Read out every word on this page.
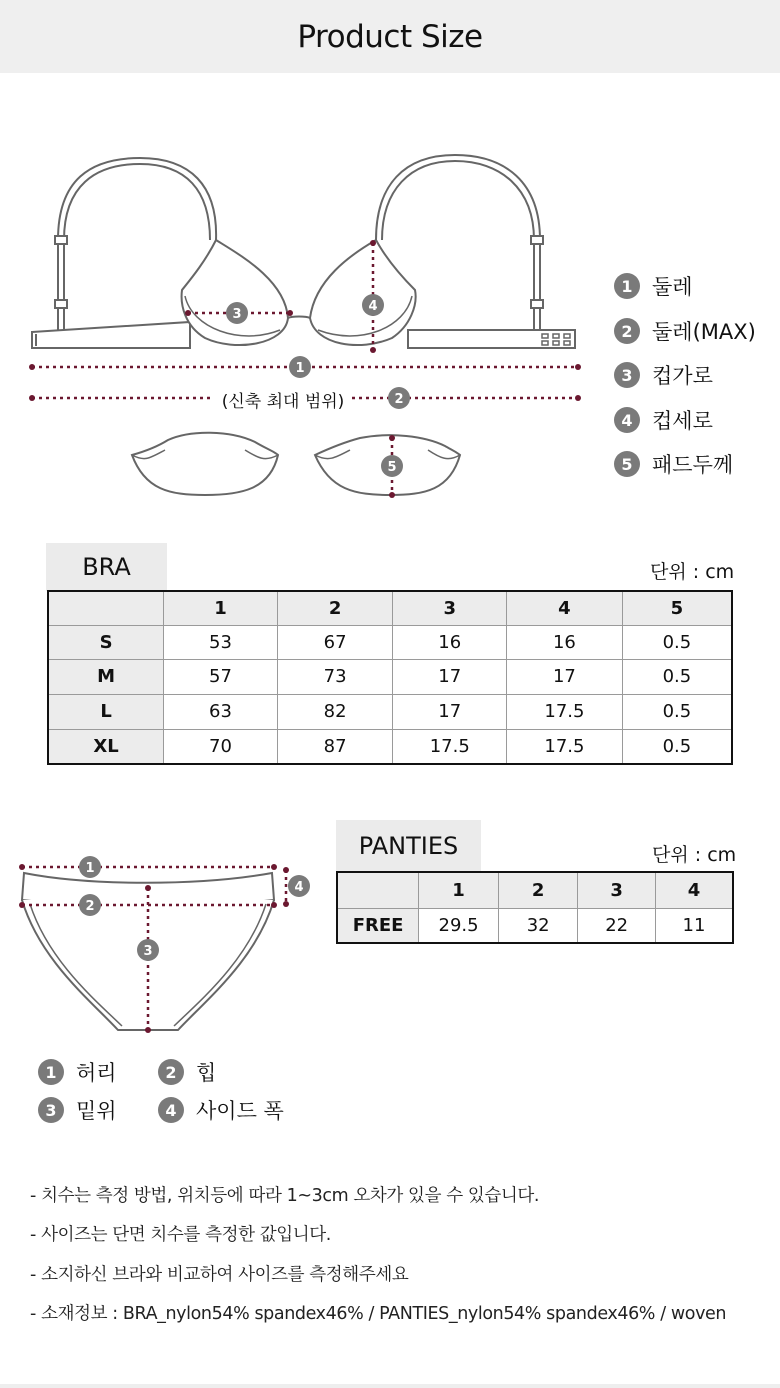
Product Size
3
4
1
2
5
(신축 최대 범위)
1 둘레
2 둘레(MAX)
3 컵가로
4 컵세로
5 패드두께
BRA	단위 : cm
	1	2	3	4	5
S	53	67	16	16	0.5
M	57	73	17	17	0.5
L	63	82	17	17.5	0.5
XL	70	87	17.5	17.5	0.5
1
2
3
4
1 허리	2 힙
3 밑위	4 사이드 폭
PANTIES	단위 : cm
	1	2	3	4
FREE	29.5	32	22	11
- 치수는 측정 방법, 위치등에 따라 1~3cm 오차가 있을 수 있습니다.
- 사이즈는 단면 치수를 측정한 값입니다.
- 소지하신 브라와 비교하여 사이즈를 측정해주세요
- 소재정보 : BRA_nylon54% spandex46% / PANTIES_nylon54% spandex46% / woven
